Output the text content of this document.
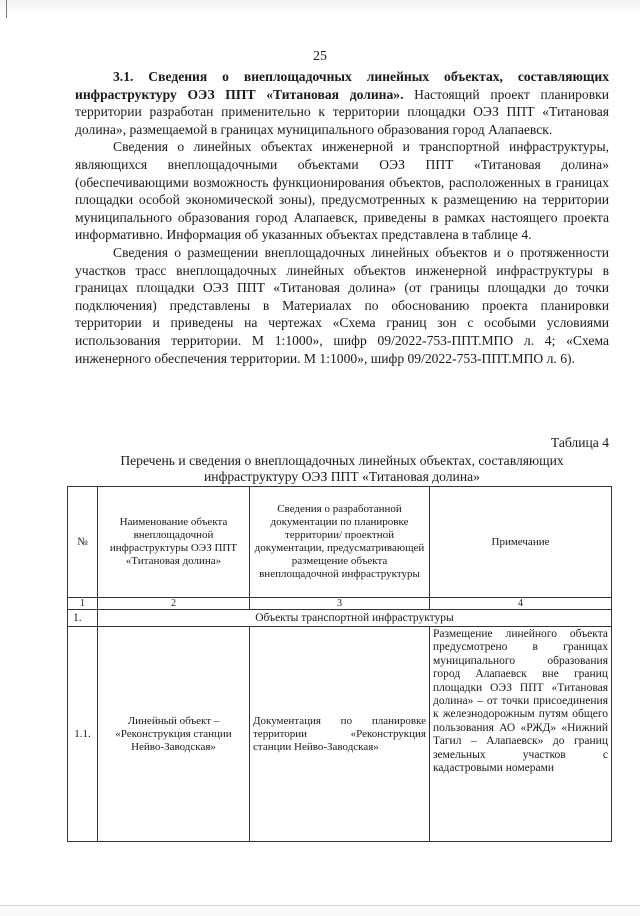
25

3.1. Сведения о внеплощадочных линейных объектах, составляющих инфраструктуру ОЭЗ ППТ «Титановая долина». Настоящий проект планировки территории разработан применительно к территории площадки ОЭЗ ППТ «Титановая долина», размещаемой в границах муниципального образования город Алапаевск.

Сведения о линейных объектах инженерной и транспортной инфраструктуры, являющихся внеплощадочными объектами ОЭЗ ППТ «Титановая долина» (обеспечивающими возможность функционирования объектов, расположенных в границах площадки особой экономической зоны), предусмотренных к размещению на территории муниципального образования город Алапаевск, приведены в рамках настоящего проекта информативно. Информация об указанных объектах представлена в таблице 4.

Сведения о размещении внеплощадочных линейных объектов и о протяженности участков трасс внеплощадочных линейных объектов инженерной инфраструктуры в границах площадки ОЭЗ ППТ «Титановая долина» (от границы площадки до точки подключения) представлены в Материалах по обоснованию проекта планировки территории и приведены на чертежах «Схема границ зон с особыми условиями использования территории. М 1:1000», шифр 09/2022-753-ППТ.МПО л. 4; «Схема инженерного обеспечения территории. М 1:1000», шифр 09/2022-753-ППТ.МПО л. 6).

Таблица 4
Перечень и сведения о внеплощадочных линейных объектах, составляющих инфраструктуру ОЭЗ ППТ «Титановая долина»
№	Наименование объекта внеплощадочной инфраструктуры ОЭЗ ППТ «Титановая долина»	Сведения о разработанной документации по планировке территории/ проектной документации, предусматривающей размещение объекта внеплощадочной инфраструктуры	Примечание
1	2	3	4
1.	Объекты транспортной инфраструктуры		
1.1.	Линейный объект – «Реконструкция станции Нейво-Заводская»	Документация по планировке территории «Реконструкция станции Нейво-Заводская»	Размещение линейного объекта предусмотрено в границах муниципального образования город Алапаевск вне границ площадки ОЭЗ ППТ «Титановая долина» – от точки присоединения к железнодорожным путям общего пользования АО «РЖД» «Нижний Тагил – Алапаевск» до границ земельных участков с кадастровыми номерами
